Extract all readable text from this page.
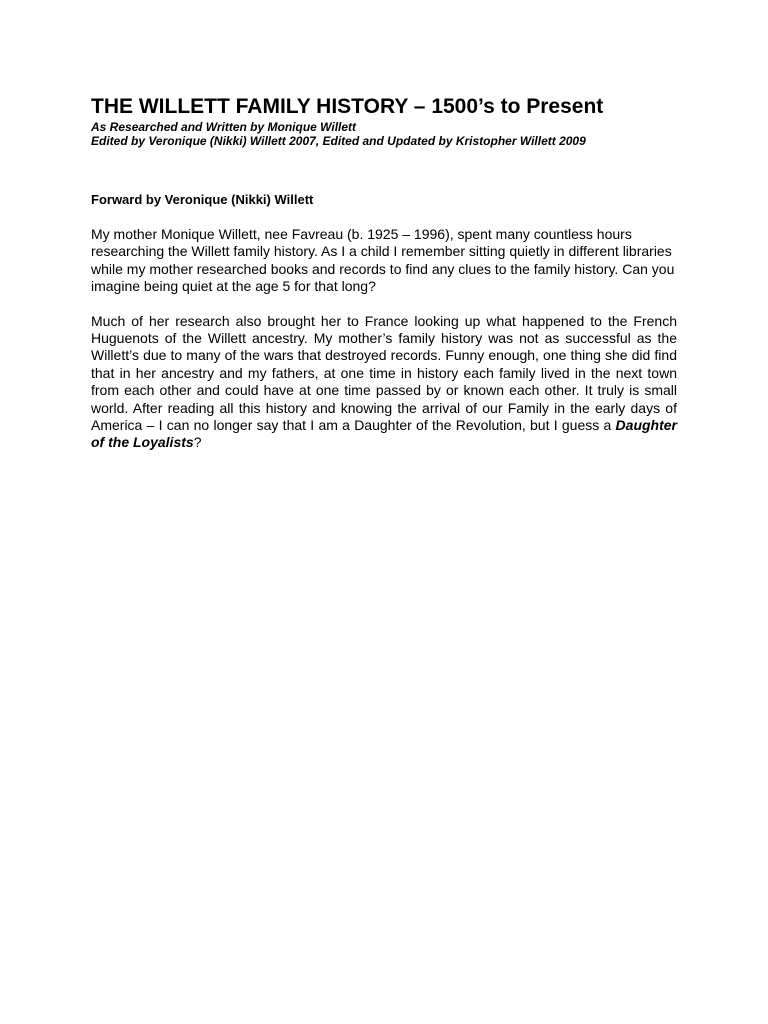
THE WILLETT FAMILY HISTORY – 1500’s to Present

As Researched and Written by Monique Willett

Edited by Veronique (Nikki) Willett 2007, Edited and Updated by Kristopher Willett 2009

Forward by Veronique (Nikki) Willett

My mother Monique Willett, nee Favreau (b. 1925 – 1996), spent many countless hours researching the Willett family history. As I a child I remember sitting quietly in different libraries while my mother researched books and records to find any clues to the family history. Can you imagine being quiet at the age 5 for that long?

Much of her research also brought her to France looking up what happened to the French Huguenots of the Willett ancestry. My mother’s family history was not as successful as the Willett’s due to many of the wars that destroyed records. Funny enough, one thing she did find that in her ancestry and my fathers, at one time in history each family lived in the next town from each other and could have at one time passed by or known each other. It truly is small world. After reading all this history and knowing the arrival of our Family in the early days of America – I can no longer say that I am a Daughter of the Revolution, but I guess a Daughter of the Loyalists?
